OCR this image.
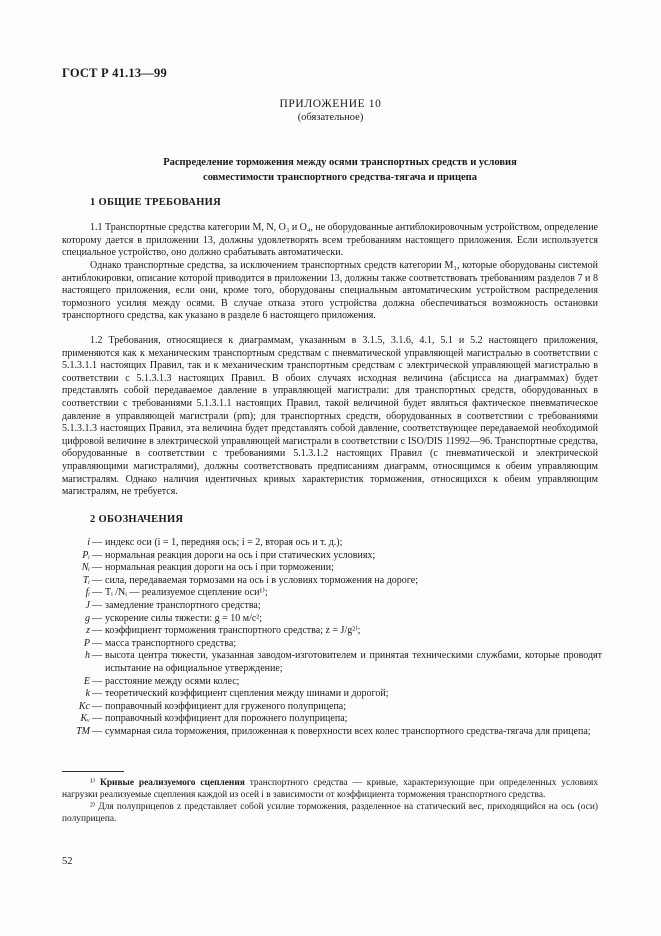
ГОСТ Р 41.13—99
ПРИЛОЖЕНИЕ 10
(обязательное)
Распределение торможения между осями транспортных средств и условия
совместимости транспортного средства-тягача и прицепа
1 ОБЩИЕ ТРЕБОВАНИЯ

1.1 Транспортные средства категории M, N, O₃ и O₄, не оборудованные антиблокировочным устройством, определение которому дается в приложении 13, должны удовлетворять всем требованиям настоящего приложения. Если используется специальное устройство, оно должно срабатывать автоматически.

Однако транспортные средства, за исключением транспортных средств категории M₁, которые оборудованы системой антиблокировки, описание которой приводится в приложении 13, должны также соответствовать требованиям разделов 7 и 8 настоящего приложения, если они, кроме того, оборудованы специальным автоматическим устройством распределения тормозного усилия между осями. В случае отказа этого устройства должна обеспечиваться возможность остановки транспортного средства, как указано в разделе 6 настоящего приложения.

1.2 Требования, относящиеся к диаграммам, указанным в 3.1.5, 3.1.6, 4.1, 5.1 и 5.2 настоящего приложения, применяются как к механическим транспортным средствам с пневматической управляющей магистралью в соответствии с 5.1.3.1.1 настоящих Правил, так и к механическим транспортным средствам с электрической управляющей магистралью в соответствии с 5.1.3.1.3 настоящих Правил. В обоих случаях исходная величина (абсцисса на диаграммах) будет представлять собой передаваемое давление в управляющей магистрали: для транспортных средств, оборудованных в соответствии с требованиями 5.1.3.1.1 настоящих Правил, такой величиной будет являться фактическое пневматическое давление в управляющей магистрали (pm); для транспортных средств, оборудованных в соответствии с требованиями 5.1.3.1.3 настоящих Правил, эта величина будет представлять собой давление, соответствующее передаваемой необходимой цифровой величине в электрической управляющей магистрали в соответствии с ISO/DIS 11992—96. Транспортные средства, оборудованные в соответствии с требованиями 5.1.3.1.2 настоящих Правил (с пневматической и электрической управляющими магистралями), должны соответствовать предписаниям диаграмм, относящимся к обеим управляющим магистралям. Однако наличия идентичных кривых характеристик торможения, относящихся к обеим управляющим магистралям, не требуется.

2 ОБОЗНАЧЕНИЯ
i — индекс оси (i = 1, передняя ось; i = 2, вторая ось и т. д.);
Pᵢ — нормальная реакция дороги на ось i при статических условиях;
Nᵢ — нормальная реакция дороги на ось i при торможении;
Tᵢ — сила, передаваемая тормозами на ось i в условиях торможения на дороге;
fᵢ — Tᵢ /Nᵢ — реализуемое сцепление оси¹⁾;
J — замедление транспортного средства;
g — ускорение силы тяжести: g = 10 м/с²;
z — коэффициент торможения транспортного средства; z = J/g²⁾;
P — масса транспортного средства;
h — высота центра тяжести, указанная заводом-изготовителем и принятая техническими службами, которые проводят испытание на официальное утверждение;
E — расстояние между осями колес;
k — теоретический коэффициент сцепления между шинами и дорогой;
Kc — поправочный коэффициент для груженого полуприцепа;
Kᵥ — поправочный коэффициент для порожнего полуприцепа;
TM — суммарная сила торможения, приложенная к поверхности всех колес транспортного средства-тягача для прицепа;

¹⁾ Кривые реализуемого сцепления транспортного средства — кривые, характеризующие при определенных условиях нагрузки реализуемые сцепления каждой из осей i в зависимости от коэффициента торможения транспортного средства.

²⁾ Для полуприцепов z представляет собой усилие торможения, разделенное на статический вес, приходящийся на ось (оси) полуприцепа.

52
